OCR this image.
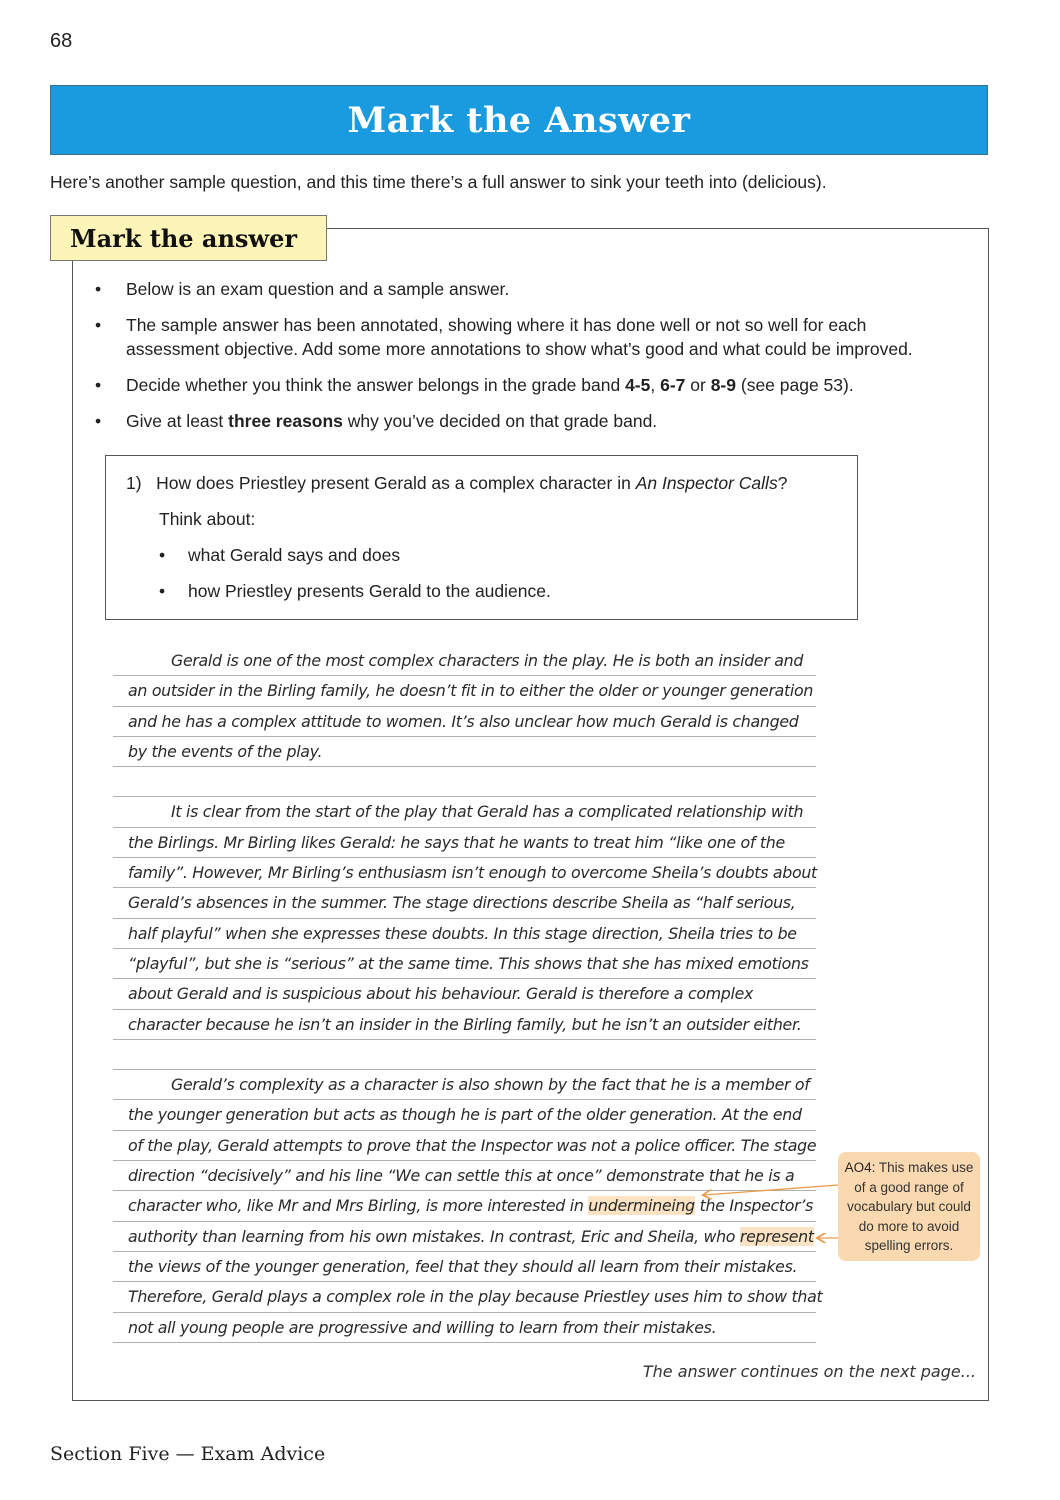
68
Mark the Answer
Here’s another sample question, and this time there’s a full answer to sink your teeth into (delicious).
Mark the answer
• Below is an exam question and a sample answer.
• The sample answer has been annotated, showing where it has done well or not so well for each
assessment objective. Add some more annotations to show what’s good and what could be improved.
• Decide whether you think the answer belongs in the grade band 4-5, 6-7 or 8-9 (see page 53).
• Give at least three reasons why you’ve decided on that grade band.
1) How does Priestley present Gerald as a complex character in An Inspector Calls?
Think about:
• what Gerald says and does
• how Priestley presents Gerald to the audience.
Gerald is one of the most complex characters in the play. He is both an insider and
an outsider in the Birling family, he doesn’t fit in to either the older or younger generation
and he has a complex attitude to women. It’s also unclear how much Gerald is changed
by the events of the play.
It is clear from the start of the play that Gerald has a complicated relationship with
the Birlings. Mr Birling likes Gerald: he says that he wants to treat him “like one of the
family”. However, Mr Birling’s enthusiasm isn’t enough to overcome Sheila’s doubts about
Gerald’s absences in the summer. The stage directions describe Sheila as “half serious,
half playful” when she expresses these doubts. In this stage direction, Sheila tries to be
“playful”, but she is “serious” at the same time. This shows that she has mixed emotions
about Gerald and is suspicious about his behaviour. Gerald is therefore a complex
character because he isn’t an insider in the Birling family, but he isn’t an outsider either.
Gerald’s complexity as a character is also shown by the fact that he is a member of
the younger generation but acts as though he is part of the older generation. At the end
of the play, Gerald attempts to prove that the Inspector was not a police officer. The stage
direction “decisively” and his line “We can settle this at once” demonstrate that he is a
character who, like Mr and Mrs Birling, is more interested in undermineing the Inspector’s
authority than learning from his own mistakes. In contrast, Eric and Sheila, who represent
the views of the younger generation, feel that they should all learn from their mistakes.
Therefore, Gerald plays a complex role in the play because Priestley uses him to show that
not all young people are progressive and willing to learn from their mistakes.
AO4: This makes use of a good range of vocabulary but could do more to avoid spelling errors.
The answer continues on the next page...
Section Five — Exam Advice
